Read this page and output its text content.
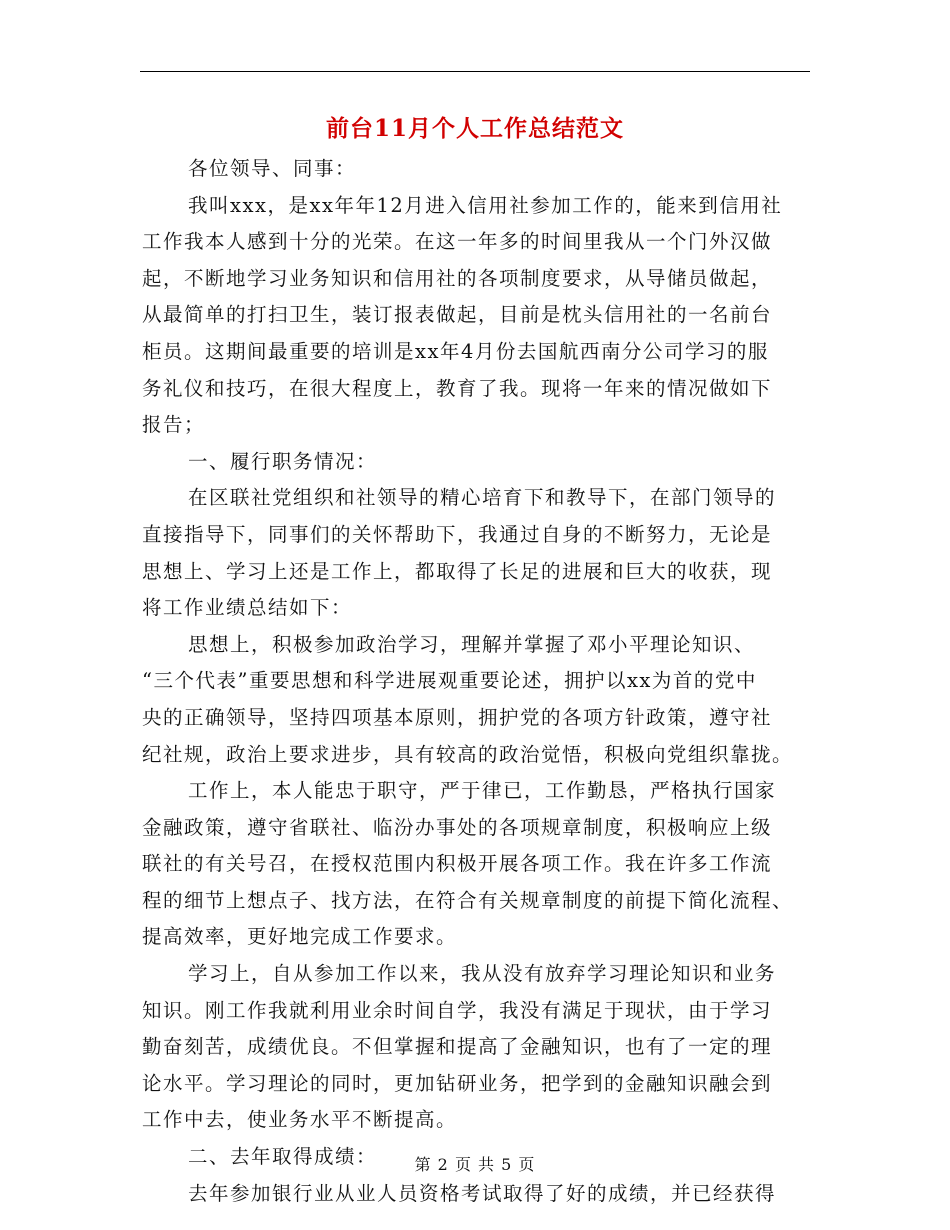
前台11月个人工作总结范文
各位领导、同事：
我叫xxx，是xx年年12月进入信用社参加工作的，能来到信用社
工作我本人感到十分的光荣。在这一年多的时间里我从一个门外汉做
起，不断地学习业务知识和信用社的各项制度要求，从导储员做起，
从最简单的打扫卫生，装订报表做起，目前是枕头信用社的一名前台
柜员。这期间最重要的培训是xx年4月份去国航西南分公司学习的服
务礼仪和技巧，在很大程度上，教育了我。现将一年来的情况做如下
报告；
一、履行职务情况：
在区联社党组织和社领导的精心培育下和教导下，在部门领导的
直接指导下，同事们的关怀帮助下，我通过自身的不断努力，无论是
思想上、学习上还是工作上，都取得了长足的进展和巨大的收获，现
将工作业绩总结如下：
思想上，积极参加政治学习，理解并掌握了邓小平理论知识、
“三个代表”重要思想和科学进展观重要论述，拥护以xx为首的党中
央的正确领导，坚持四项基本原则，拥护党的各项方针政策，遵守社
纪社规，政治上要求进步，具有较高的政治觉悟，积极向党组织靠拢。
工作上，本人能忠于职守，严于律已，工作勤恳，严格执行国家
金融政策，遵守省联社、临汾办事处的各项规章制度，积极响应上级
联社的有关号召，在授权范围内积极开展各项工作。我在许多工作流
程的细节上想点子、找方法，在符合有关规章制度的前提下简化流程、
提高效率，更好地完成工作要求。
学习上，自从参加工作以来，我从没有放弃学习理论知识和业务
知识。刚工作我就利用业余时间自学，我没有满足于现状，由于学习
勤奋刻苦，成绩优良。不但掌握和提高了金融知识，也有了一定的理
论水平。学习理论的同时，更加钻研业务，把学到的金融知识融会到
工作中去，使业务水平不断提高。
二、去年取得成绩：
去年参加银行业从业人员资格考试取得了好的成绩，并已经获得
第 2 页 共 5 页
